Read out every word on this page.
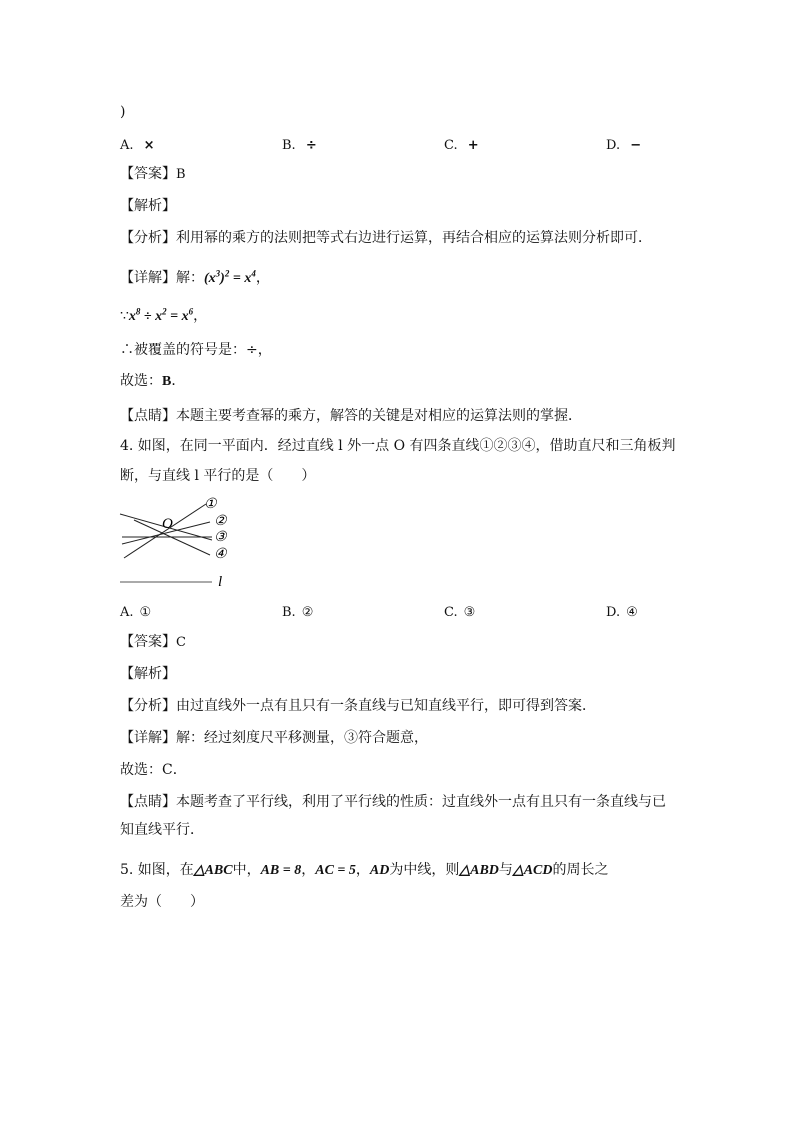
)
A. ×	B. ÷	C. +	D. −
【答案】B
【解析】
【分析】利用幂的乘方的法则把等式右边进行运算，再结合相应的运算法则分析即可．
【详解】解：$(x^3)^2 = x^4$，
$\because x^8 \div x^2 = x^6$，
∴被覆盖的符号是：÷，
故选：B．
【点睛】本题主要考查幂的乘方，解答的关键是对相应的运算法则的掌握．
4. 如图，在同一平面内．经过直线 l 外一点 O 有四条直线①②③④，借助直尺和三角板判
断，与直线 l 平行的是（　　）
O
①
②
③
④
l
A. ①	B. ②	C. ③	D. ④
【答案】C
【解析】
【分析】由过直线外一点有且只有一条直线与已知直线平行，即可得到答案．
【详解】解：经过刻度尺平移测量，③符合题意，
故选：C．
【点睛】本题考查了平行线，利用了平行线的性质：过直线外一点有且只有一条直线与已
知直线平行．
5. 如图，在△ABC中，AB = 8，AC = 5，AD为中线，则△ABD与△ACD的周长之
差为（　　）
